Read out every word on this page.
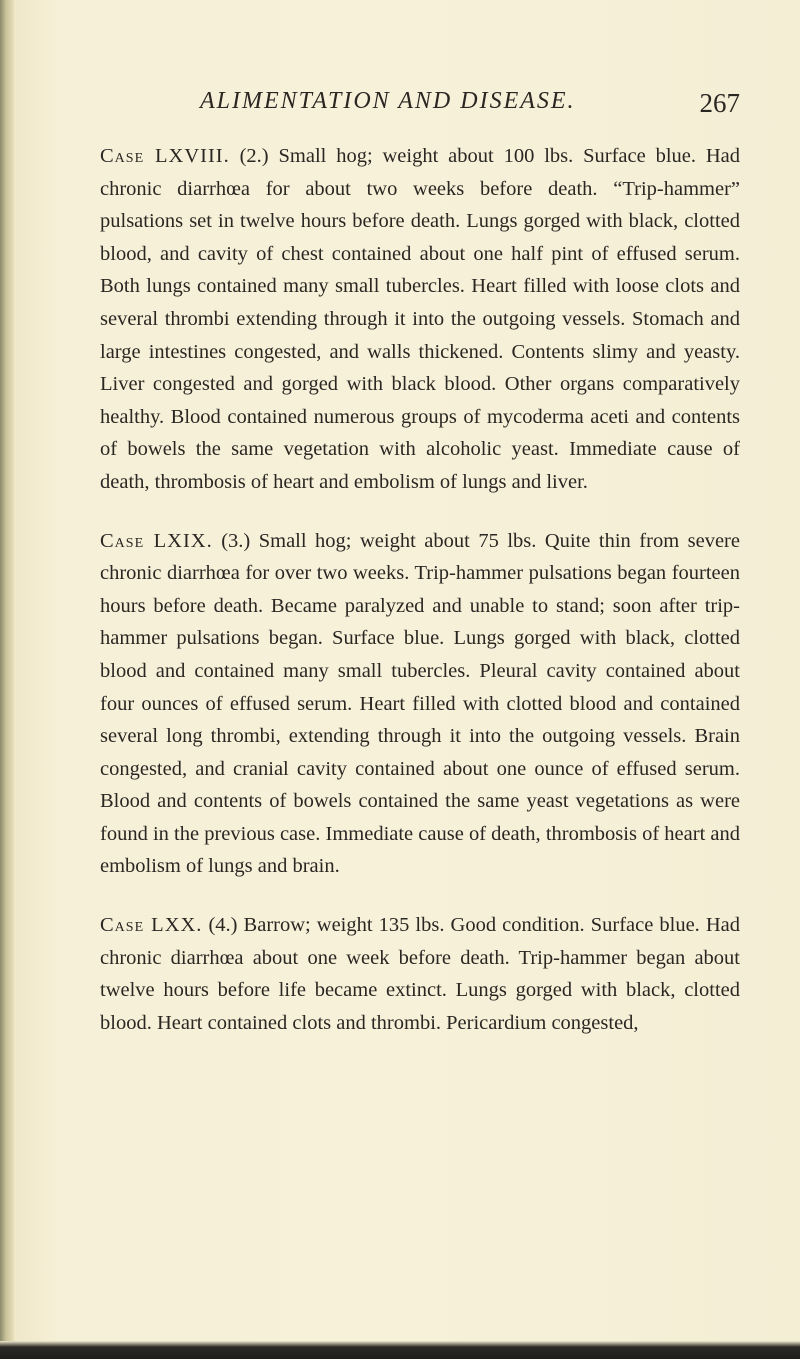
ALIMENTATION AND DISEASE.	267

Case LXVIII. (2.) Small hog; weight about 100 lbs. Surface blue. Had chronic diarrhœa for about two weeks before death. “Trip-hammer” pulsations set in twelve hours before death. Lungs gorged with black, clotted blood, and cavity of chest contained about one half pint of effused serum. Both lungs contained many small tubercles. Heart filled with loose clots and several thrombi extending through it into the outgoing vessels. Stomach and large intestines congested, and walls thickened. Contents slimy and yeasty. Liver congested and gorged with black blood. Other organs comparatively healthy. Blood contained numerous groups of mycoderma aceti and contents of bowels the same vegetation with alcoholic yeast. Immediate cause of death, thrombosis of heart and embolism of lungs and liver.

Case LXIX. (3.) Small hog; weight about 75 lbs. Quite thin from severe chronic diarrhœa for over two weeks. Trip-hammer pulsations began fourteen hours before death. Became paralyzed and unable to stand; soon after trip-hammer pulsations began. Surface blue. Lungs gorged with black, clotted blood and contained many small tubercles. Pleural cavity contained about four ounces of effused serum. Heart filled with clotted blood and contained several long thrombi, extending through it into the outgoing vessels. Brain congested, and cranial cavity contained about one ounce of effused serum. Blood and contents of bowels contained the same yeast vegetations as were found in the previous case. Immediate cause of death, thrombosis of heart and embolism of lungs and brain.

Case LXX. (4.) Barrow; weight 135 lbs. Good condition. Surface blue. Had chronic diarrhœa about one week before death. Trip-hammer began about twelve hours before life became extinct. Lungs gorged with black, clotted blood. Heart contained clots and thrombi. Pericardium congested,
